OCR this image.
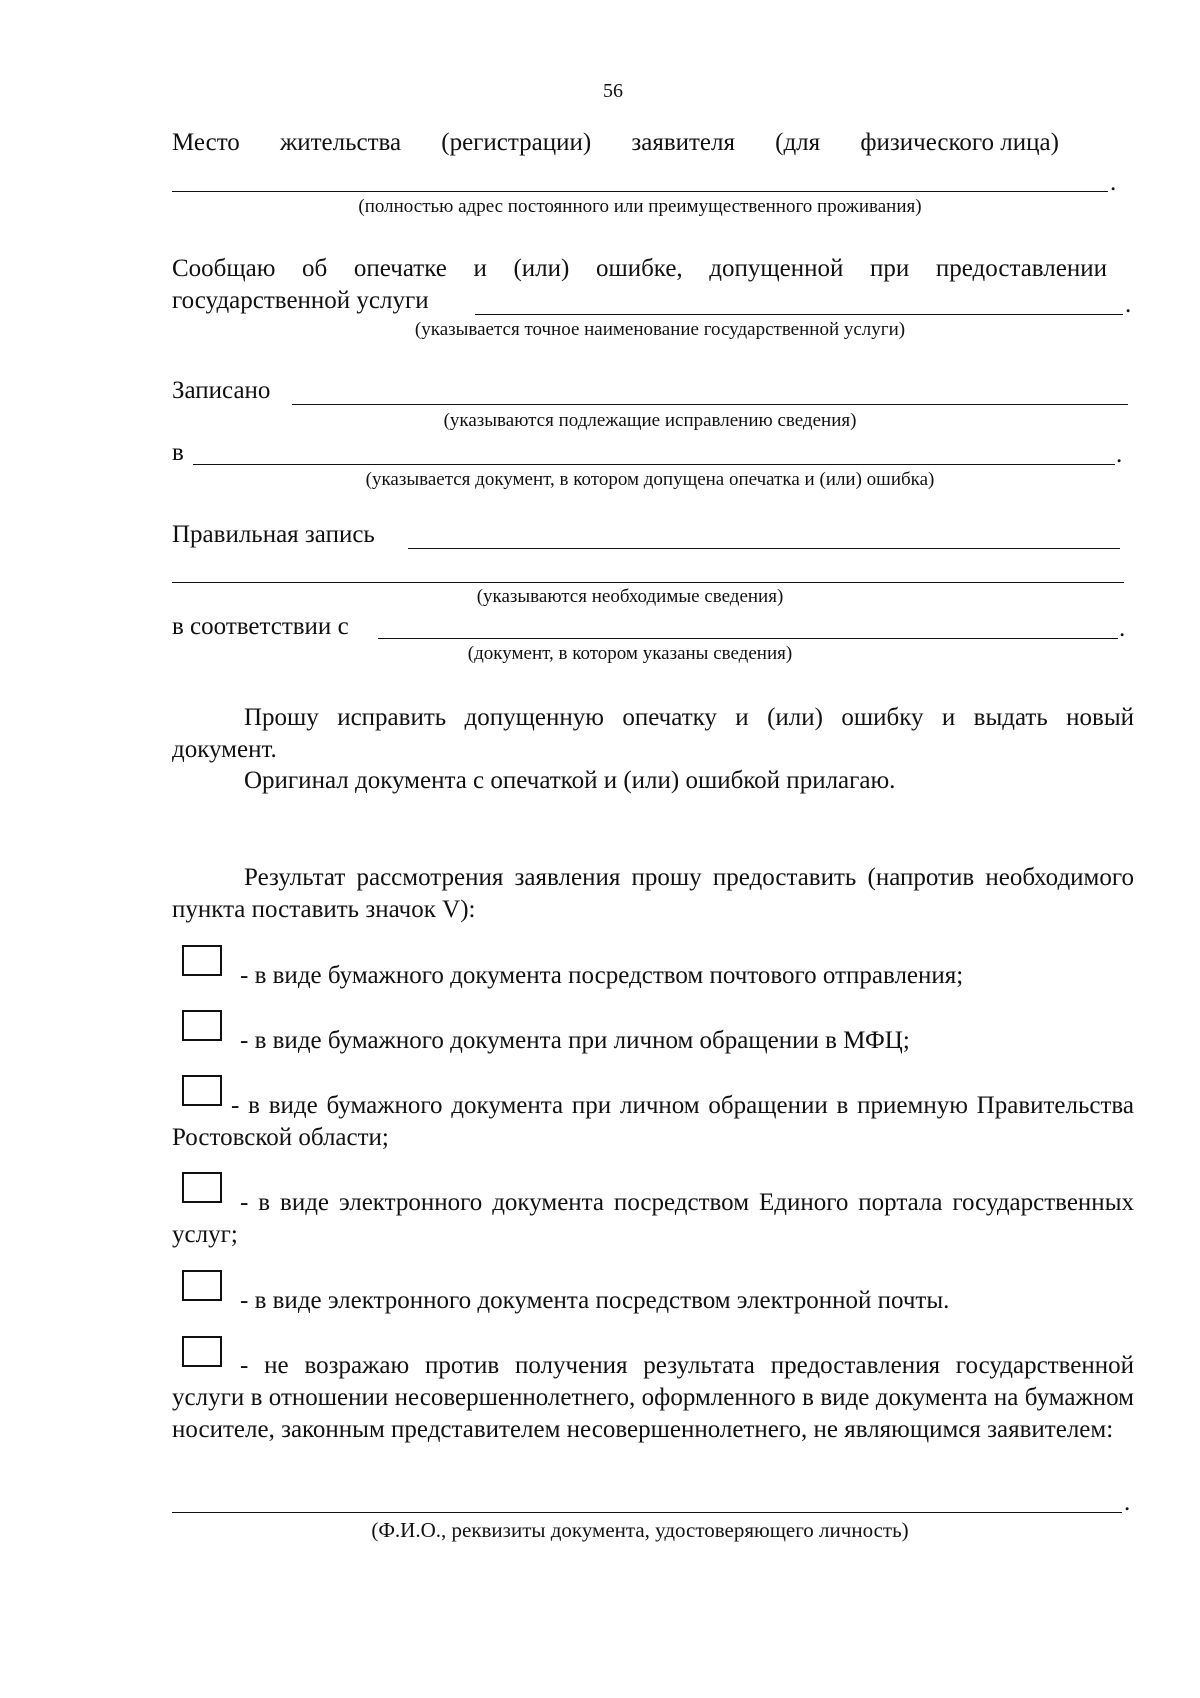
56
Место жительства (регистрации) заявителя (для физического лица)
.
(полностью адрес постоянного или преимущественного проживания)
Сообщаю об опечатке и (или) ошибке, допущенной при предоставлении
государственной услуги	.
(указывается точное наименование государственной услуги)
Записано
(указываются подлежащие исправлению сведения)
в	.
(указывается документ, в котором допущена опечатка и (или) ошибка)
Правильная запись
(указываются необходимые сведения)
в соответствии с	.
(документ, в котором указаны сведения)
Прошу исправить допущенную опечатку и (или) ошибку и выдать новый документ.
Оригинал документа с опечаткой и (или) ошибкой прилагаю.
Результат рассмотрения заявления прошу предоставить (напротив необходимого пункта поставить значок V):
- в виде бумажного документа посредством почтового отправления;
- в виде бумажного документа при личном обращении в МФЦ;
- в виде бумажного документа при личном обращении в приемную Правительства Ростовской области;
- в виде электронного документа посредством Единого портала государственных услуг;
- в виде электронного документа посредством электронной почты.
- не возражаю против получения результата предоставления государственной услуги в отношении несовершеннолетнего, оформленного в виде документа на бумажном носителе, законным представителем несовершеннолетнего, не являющимся заявителем:
.
(Ф.И.О., реквизиты документа, удостоверяющего личность)
